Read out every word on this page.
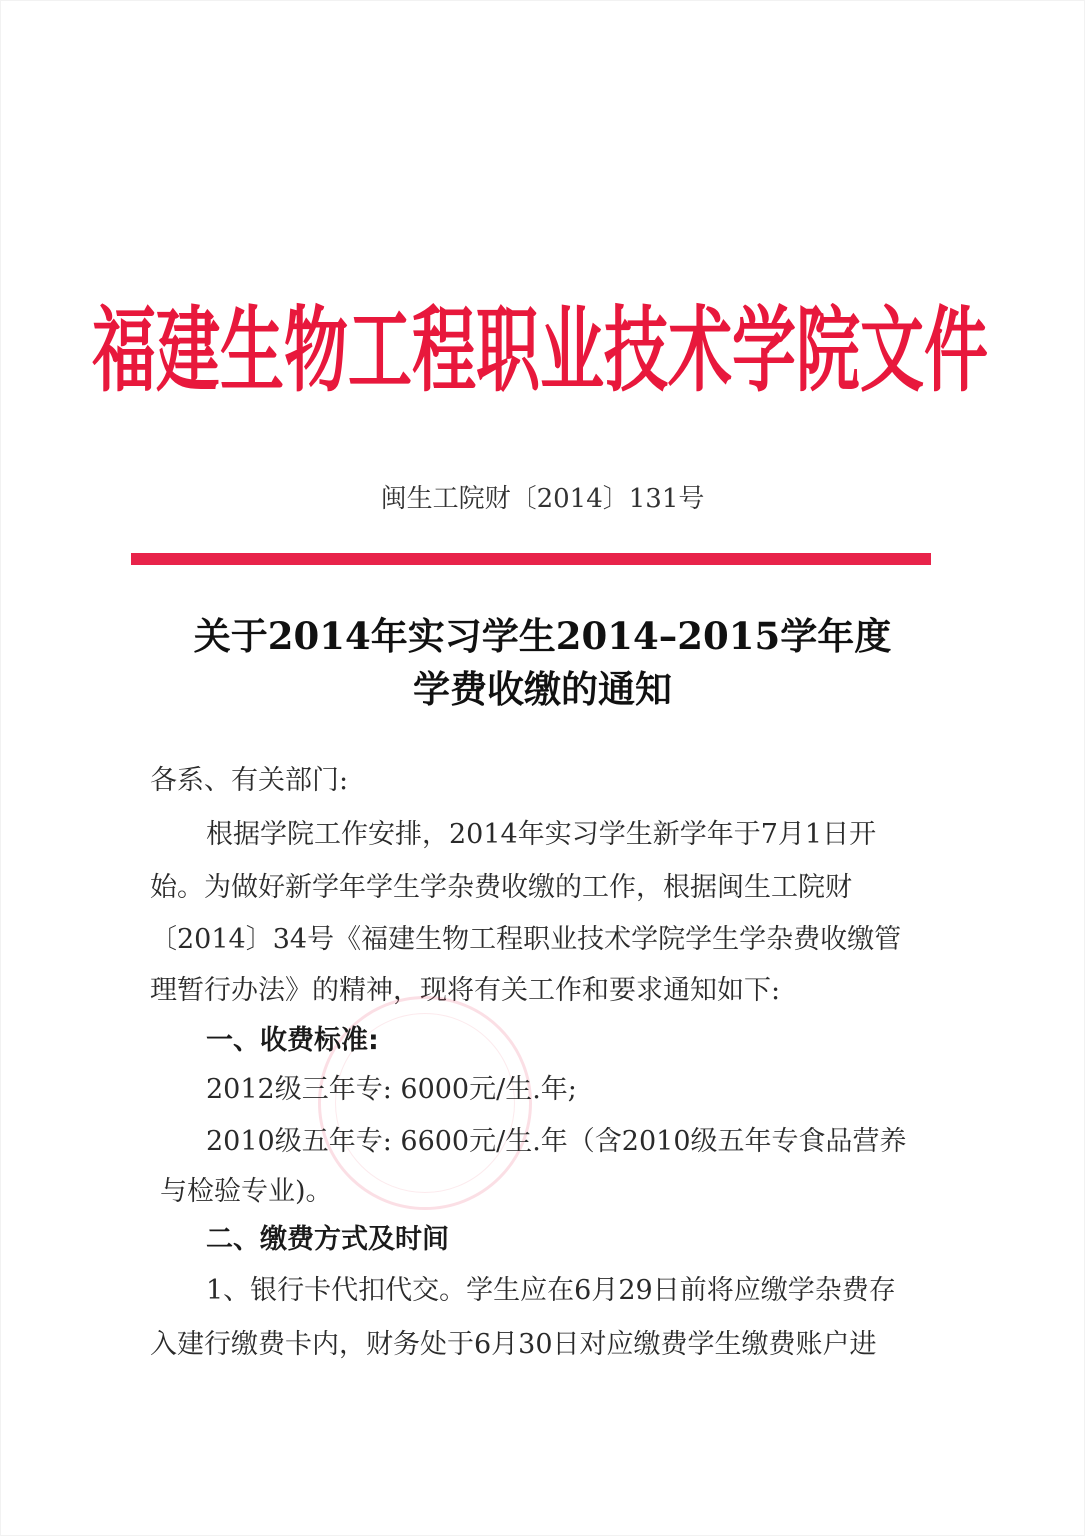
福建生物工程职业技术学院文件
闽生工院财〔2014〕131号
关于2014年实习学生2014–2015学年度
学费收缴的通知
各系、有关部门:
根据学院工作安排，2014年实习学生新学年于7月1日开
始。为做好新学年学生学杂费收缴的工作，根据闽生工院财
〔2014〕34号《福建生物工程职业技术学院学生学杂费收缴管
理暂行办法》的精神，现将有关工作和要求通知如下:
一、收费标准:
2012级三年专: 6000元/生.年;
2010级五年专: 6600元/生.年（含2010级五年专食品营养
与检验专业)。
二、缴费方式及时间
1、银行卡代扣代交。学生应在6月29日前将应缴学杂费存
入建行缴费卡内，财务处于6月30日对应缴费学生缴费账户进
